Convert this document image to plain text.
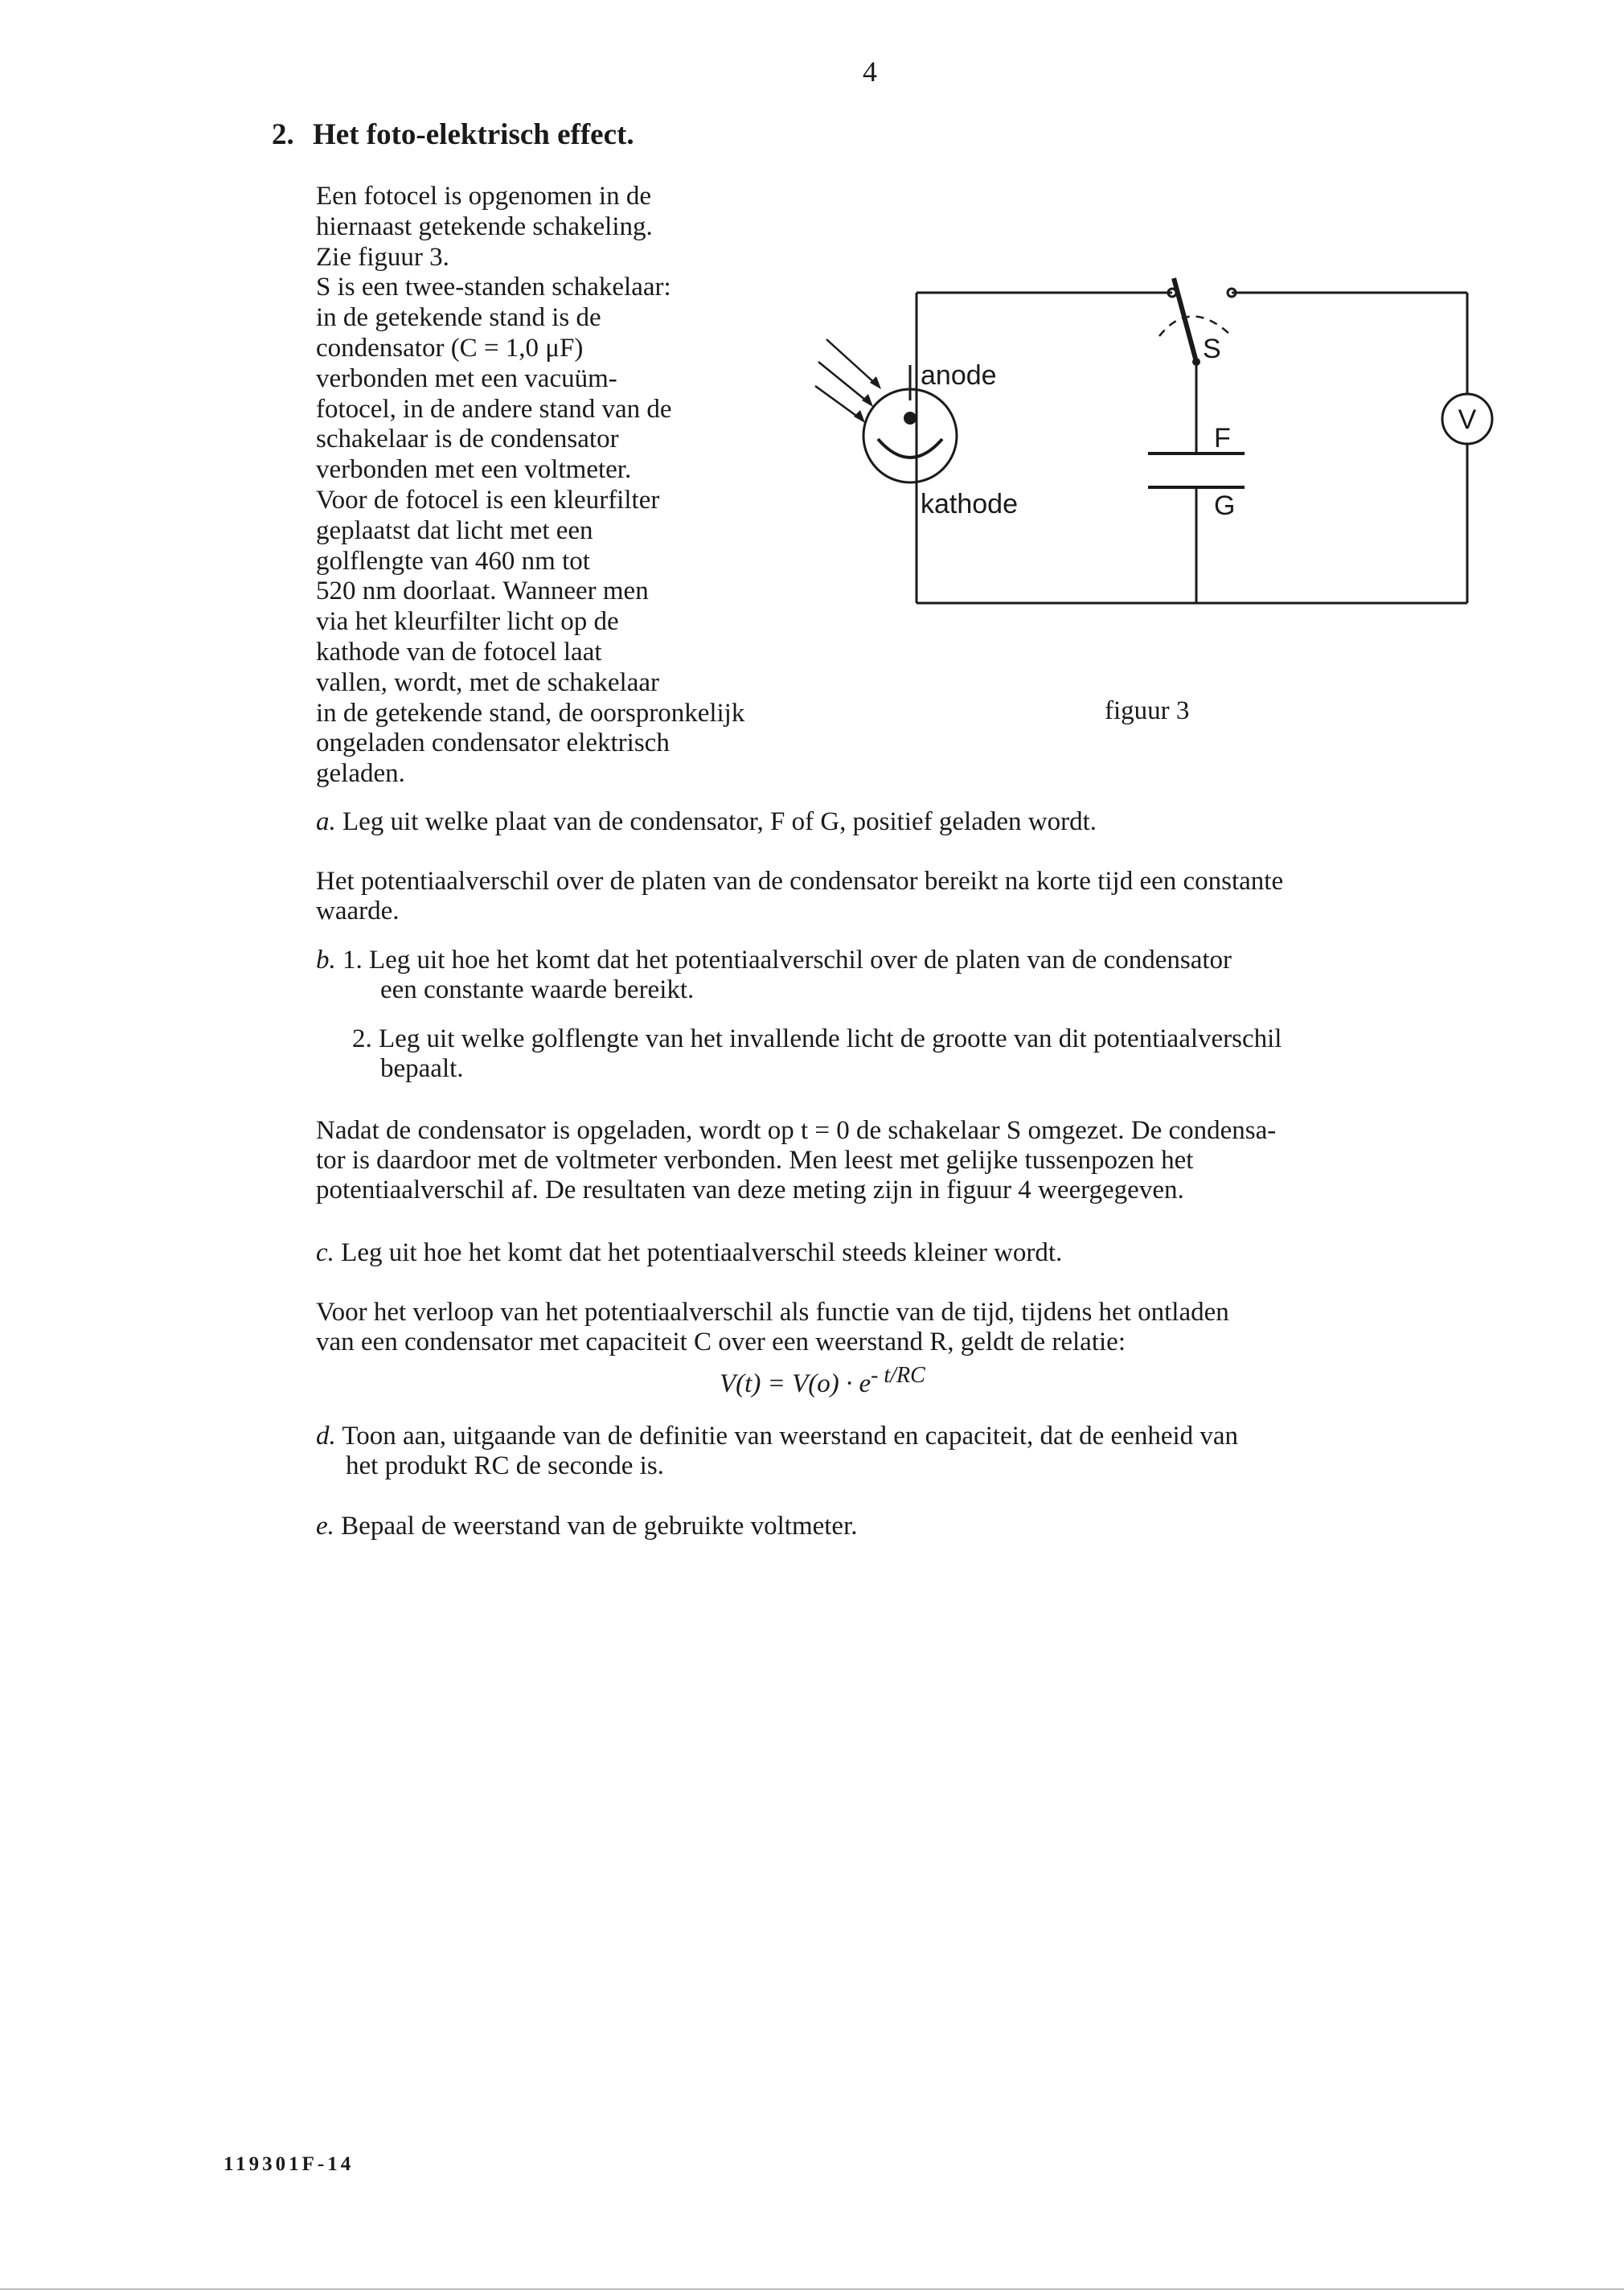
4
2. Het foto-elektrisch effect.
Een fotocel is opgenomen in de
hiernaast getekende schakeling.
Zie figuur 3.
S is een twee-standen schakelaar:
in de getekende stand is de
condensator (C = 1,0 μF)
verbonden met een vacuüm-
fotocel, in de andere stand van de
schakelaar is de condensator
verbonden met een voltmeter.
Voor de fotocel is een kleurfilter
geplaatst dat licht met een
golflengte van 460 nm tot
520 nm doorlaat. Wanneer men
via het kleurfilter licht op de
kathode van de fotocel laat
vallen, wordt, met de schakelaar
in de getekende stand, de oorspronkelijk
ongeladen condensator elektrisch
geladen.
anode
kathode
S
F
G
V
figuur 3
a. Leg uit welke plaat van de condensator, F of G, positief geladen wordt.
Het potentiaalverschil over de platen van de condensator bereikt na korte tijd een constante
waarde.
b. 1. Leg uit hoe het komt dat het potentiaalverschil over de platen van de condensator
een constante waarde bereikt.
2. Leg uit welke golflengte van het invallende licht de grootte van dit potentiaalverschil
bepaalt.
Nadat de condensator is opgeladen, wordt op t = 0 de schakelaar S omgezet. De condensa-
tor is daardoor met de voltmeter verbonden. Men leest met gelijke tussenpozen het
potentiaalverschil af. De resultaten van deze meting zijn in figuur 4 weergegeven.
c. Leg uit hoe het komt dat het potentiaalverschil steeds kleiner wordt.
Voor het verloop van het potentiaalverschil als functie van de tijd, tijdens het ontladen
van een condensator met capaciteit C over een weerstand R, geldt de relatie:
$V(t) = V(o) \cdot e^{- t/RC}$
d. Toon aan, uitgaande van de definitie van weerstand en capaciteit, dat de eenheid van
het produkt RC de seconde is.
e. Bepaal de weerstand van de gebruikte voltmeter.
119301F-14
